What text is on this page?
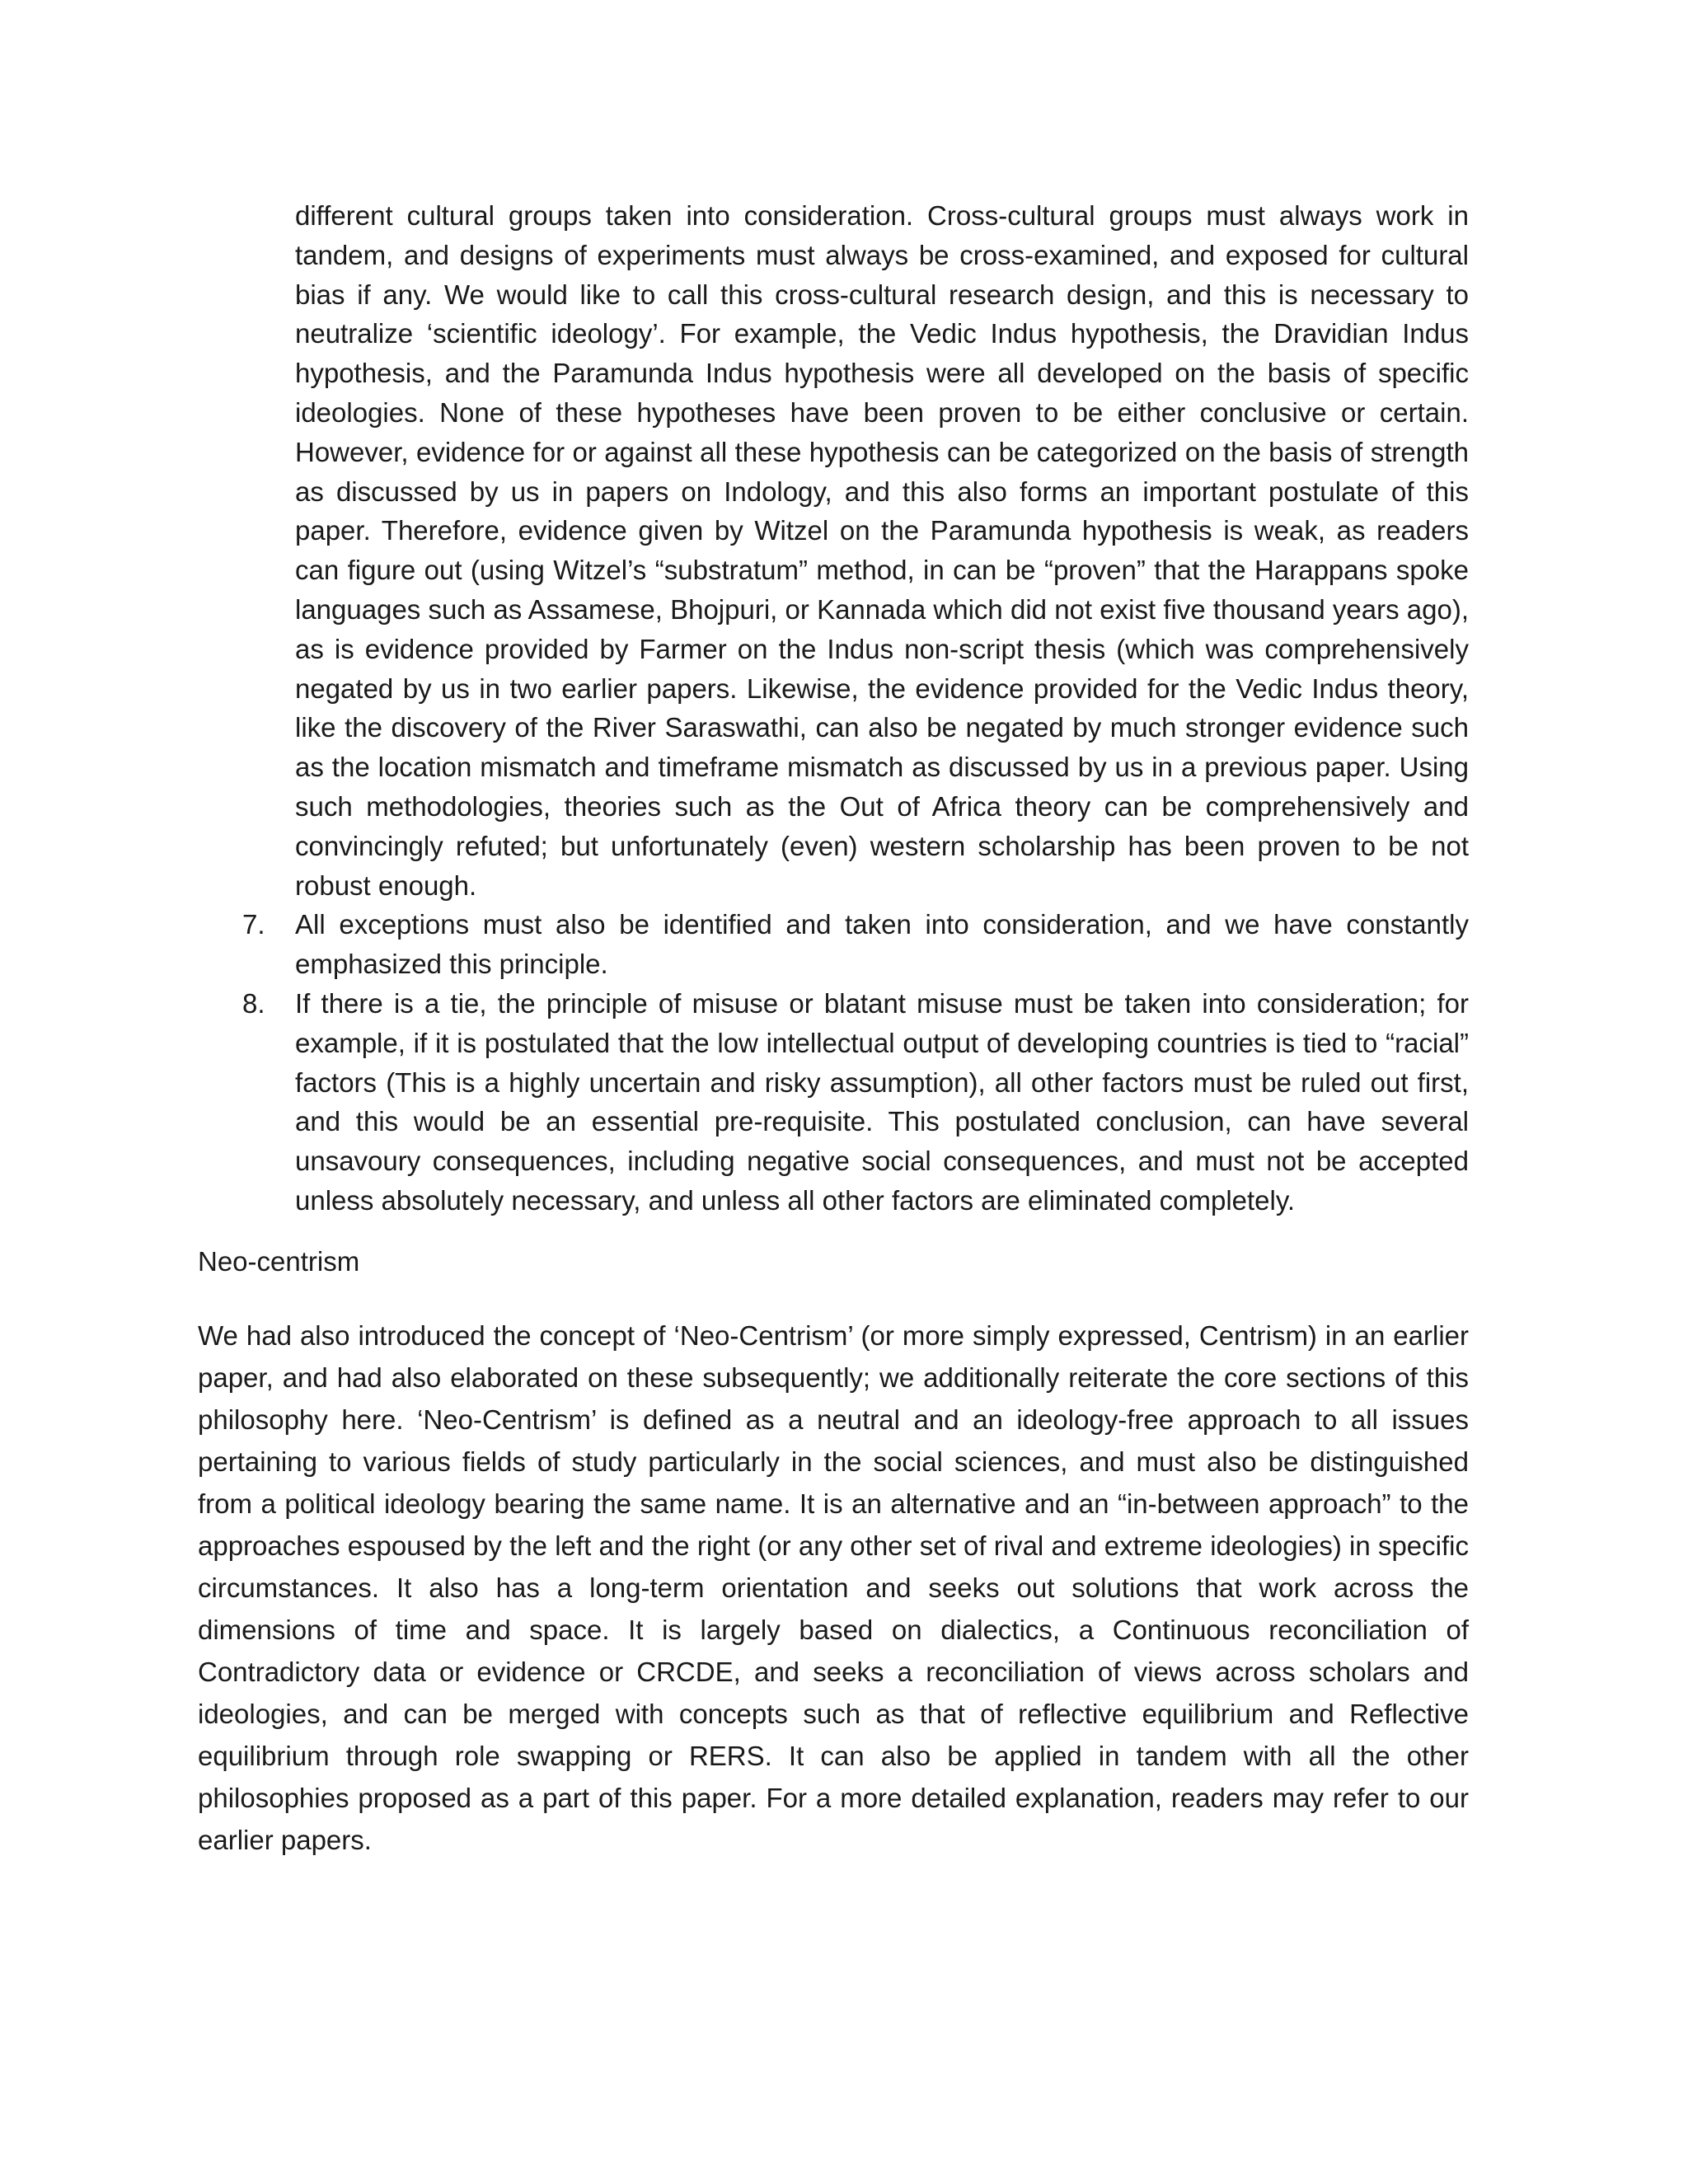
different cultural groups taken into consideration. Cross-cultural groups must always work in tandem, and designs of experiments must always be cross-examined, and exposed for cultural bias if any. We would like to call this cross-cultural research design, and this is necessary to neutralize ‘scientific ideology’. For example, the Vedic Indus hypothesis, the Dravidian Indus hypothesis, and the Paramunda Indus hypothesis were all developed on the basis of specific ideologies. None of these hypotheses have been proven to be either conclusive or certain. However, evidence for or against all these hypothesis can be categorized on the basis of strength as discussed by us in papers on Indology, and this also forms an important postulate of this paper. Therefore, evidence given by Witzel on the Paramunda hypothesis is weak, as readers can figure out (using Witzel’s “substratum” method, in can be “proven” that the Harappans spoke languages such as Assamese, Bhojpuri, or Kannada which did not exist five thousand years ago), as is evidence provided by Farmer on the Indus non-script thesis (which was comprehensively negated by us in two earlier papers. Likewise, the evidence provided for the Vedic Indus theory, like the discovery of the River Saraswathi, can also be negated by much stronger evidence such as the location mismatch and timeframe mismatch as discussed by us in a previous paper. Using such methodologies, theories such as the Out of Africa theory can be comprehensively and convincingly refuted; but unfortunately (even) western scholarship has been proven to be not robust enough.

7. All exceptions must also be identified and taken into consideration, and we have constantly emphasized this principle.
8. If there is a tie, the principle of misuse or blatant misuse must be taken into consideration; for example, if it is postulated that the low intellectual output of developing countries is tied to “racial” factors (This is a highly uncertain and risky assumption), all other factors must be ruled out first, and this would be an essential pre-requisite. This postulated conclusion, can have several unsavoury consequences, including negative social consequences, and must not be accepted unless absolutely necessary, and unless all other factors are eliminated completely.

Neo-centrism

We had also introduced the concept of ‘Neo-Centrism’ (or more simply expressed, Centrism) in an earlier paper, and had also elaborated on these subsequently; we additionally reiterate the core sections of this philosophy here. ‘Neo-Centrism’ is defined as a neutral and an ideology-free approach to all issues pertaining to various fields of study particularly in the social sciences, and must also be distinguished from a political ideology bearing the same name. It is an alternative and an “in-between approach” to the approaches espoused by the left and the right (or any other set of rival and extreme ideologies) in specific circumstances. It also has a long-term orientation and seeks out solutions that work across the dimensions of time and space. It is largely based on dialectics, a Continuous reconciliation of Contradictory data or evidence or CRCDE, and seeks a reconciliation of views across scholars and ideologies, and can be merged with concepts such as that of reflective equilibrium and Reflective equilibrium through role swapping or RERS. It can also be applied in tandem with all the other philosophies proposed as a part of this paper. For a more detailed explanation, readers may refer to our earlier papers.
